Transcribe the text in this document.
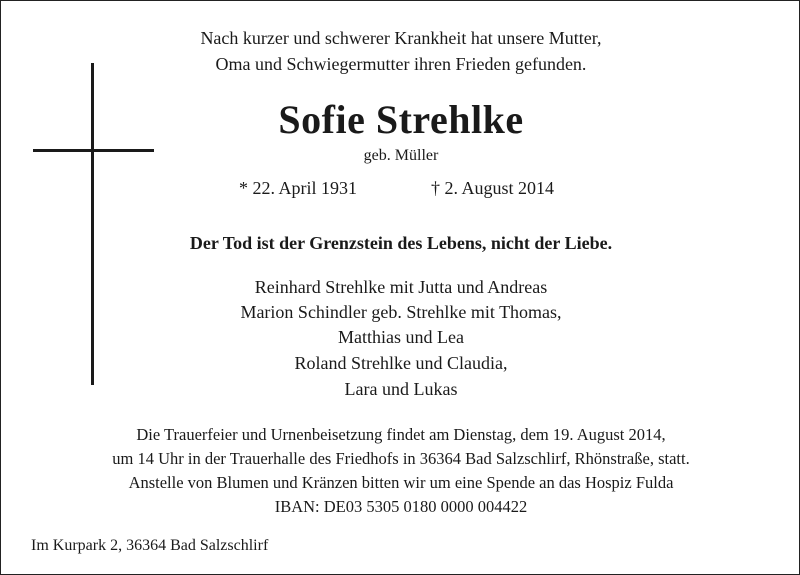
Nach kurzer und schwerer Krankheit hat unsere Mutter,
Oma und Schwiegermutter ihren Frieden gefunden.
Sofie Strehlke
geb. Müller
* 22. April 1931	† 2. August 2014
Der Tod ist der Grenzstein des Lebens, nicht der Liebe.
Reinhard Strehlke mit Jutta und Andreas
Marion Schindler geb. Strehlke mit Thomas,
Matthias und Lea
Roland Strehlke und Claudia,
Lara und Lukas
Die Trauerfeier und Urnenbeisetzung findet am Dienstag, dem 19. August 2014,
um 14 Uhr in der Trauerhalle des Friedhofs in 36364 Bad Salzschlirf, Rhönstraße, statt.
Anstelle von Blumen und Kränzen bitten wir um eine Spende an das Hospiz Fulda
IBAN: DE03 5305 0180 0000 004422
Im Kurpark 2, 36364 Bad Salzschlirf
